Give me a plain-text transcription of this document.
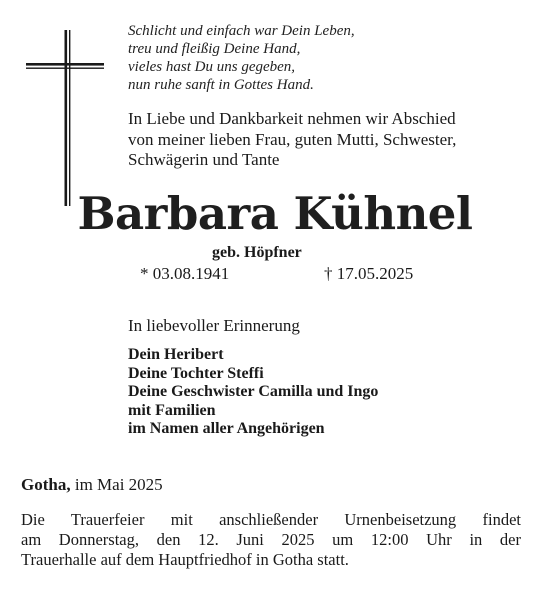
Schlicht und einfach war Dein Leben,
treu und fleißig Deine Hand,
vieles hast Du uns gegeben,
nun ruhe sanft in Gottes Hand.
In Liebe und Dankbarkeit nehmen wir Abschied
von meiner lieben Frau, guten Mutti, Schwester,
Schwägerin und Tante
Barbara Kühnel
geb. Höpfner
* 03.08.1941	† 17.05.2025
In liebevoller Erinnerung
Dein Heribert
Deine Tochter Steffi
Deine Geschwister Camilla und Ingo
mit Familien
im Namen aller Angehörigen
Gotha, im Mai 2025
Die Trauerfeier mit anschließender Urnenbeisetzung findet
am Donnerstag, den 12. Juni 2025 um 12:00 Uhr in der
Trauerhalle auf dem Hauptfriedhof in Gotha statt.
